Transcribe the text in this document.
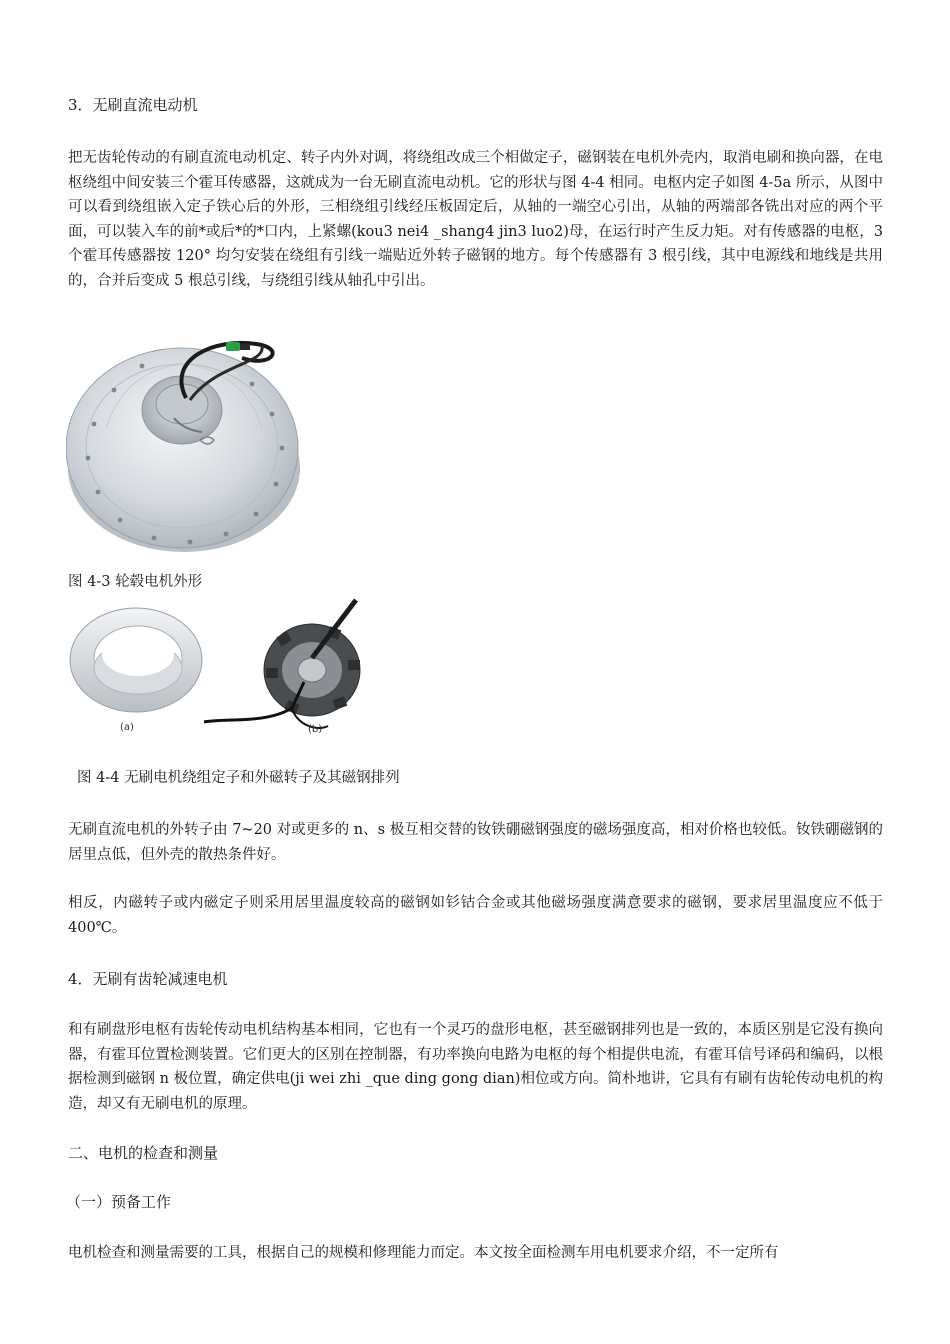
3．无刷直流电动机

把无齿轮传动的有刷直流电动机定、转子内外对调，将绕组改成三个相做定子，磁钢装在电机外壳内，取消电刷和换向器，在电枢绕组中间安装三个霍耳传感器，这就成为一台无刷直流电动机。它的形状与图 4-4 相同。电枢内定子如图 4-5a 所示，从图中可以看到绕组嵌入定子铁心后的外形，三相绕组引线经压板固定后，从轴的一端空心引出，从轴的两端部各铣出对应的两个平面，可以装入车的前*或后*的*口内，上紧螺(kou3 nei4 _shang4 jin3 luo2)母，在运行时产生反力矩。对有传感器的电枢，3 个霍耳传感器按 120° 均匀安装在绕组有引线一端贴近外转子磁钢的地方。每个传感器有 3 根引线，其中电源线和地线是共用的，合并后变成 5 根总引线，与绕组引线从轴孔中引出。

图 4-3 轮毂电机外形

(a)	(b)

图 4-4 无刷电机绕组定子和外磁转子及其磁钢排列

无刷直流电机的外转子由 7~20 对或更多的 n、s 极互相交替的钕铁硼磁钢强度的磁场强度高，相对价格也较低。钕铁硼磁钢的居里点低，但外壳的散热条件好。

相反，内磁转子或内磁定子则采用居里温度较高的磁钢如钐钴合金或其他磁场强度满意要求的磁钢，要求居里温度应不低于 400℃。

4．无刷有齿轮减速电机

和有刷盘形电枢有齿轮传动电机结构基本相同，它也有一个灵巧的盘形电枢，甚至磁钢排列也是一致的，本质区别是它没有换向器，有霍耳位置检测装置。它们更大的区别在控制器，有功率换向电路为电枢的每个相提供电流，有霍耳信号译码和编码，以根据检测到磁钢 n 极位置，确定供电(ji wei zhi _que ding gong dian)相位或方向。简朴地讲，它具有有刷有齿轮传动电机的构造，却又有无刷电机的原理。

二、电机的检查和测量
（一）预备工作

电机检查和测量需要的工具，根据自己的规模和修理能力而定。本文按全面检测车用电机要求介绍，不一定所有
